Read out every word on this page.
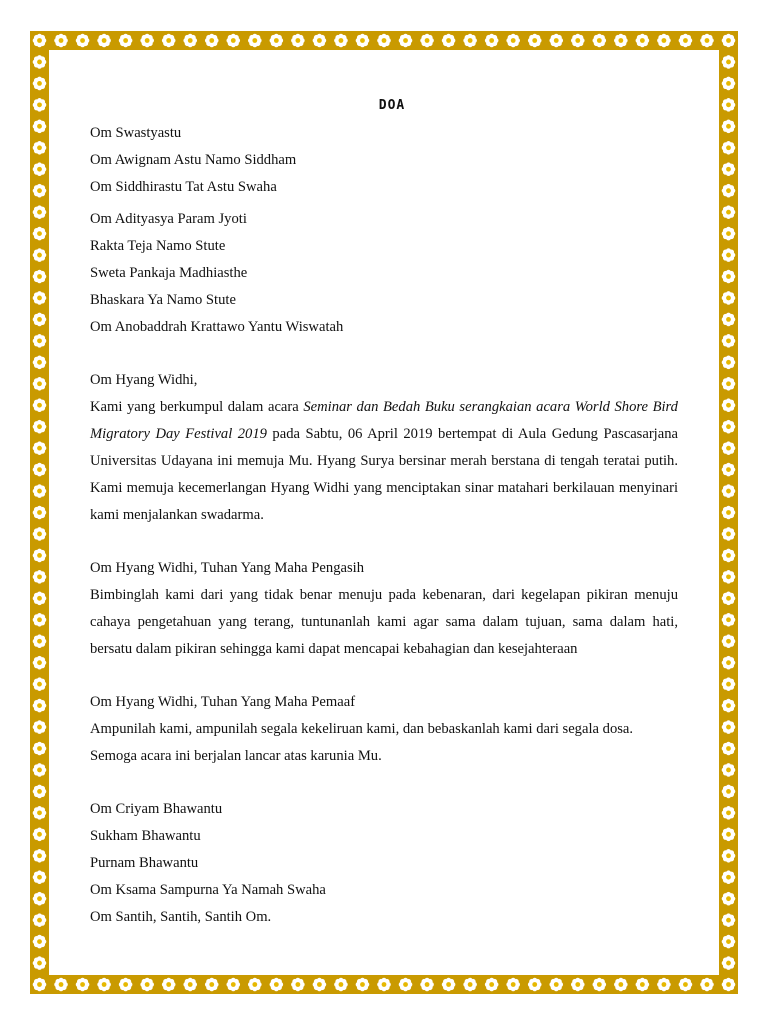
DOA
Om Swastyastu
Om Awignam Astu Namo Siddham
Om Siddhirastu Tat Astu Swaha
Om Adityasya Param Jyoti
Rakta Teja Namo Stute
Sweta Pankaja Madhiasthe
Bhaskara Ya Namo Stute
Om Anobaddrah Krattawo Yantu Wiswatah
Om Hyang Widhi,
Kami yang berkumpul dalam acara Seminar dan Bedah Buku serangkaian acara World Shore Bird Migratory Day Festival 2019 pada Sabtu, 06 April 2019 bertempat di Aula Gedung Pascasarjana Universitas Udayana ini memuja Mu. Hyang Surya bersinar merah berstana di tengah teratai putih. Kami memuja kecemerlangan Hyang Widhi yang menciptakan sinar matahari berkilauan menyinari kami menjalankan swadarma.
Om Hyang Widhi, Tuhan Yang Maha Pengasih
Bimbinglah kami dari yang tidak benar menuju pada kebenaran, dari kegelapan pikiran menuju cahaya pengetahuan yang terang, tuntunanlah kami agar sama dalam tujuan, sama dalam hati, bersatu dalam pikiran sehingga kami dapat mencapai kebahagian dan kesejahteraan
Om Hyang Widhi, Tuhan Yang Maha Pemaaf
Ampunilah kami, ampunilah segala kekeliruan kami, dan bebaskanlah kami dari segala dosa.
Semoga acara ini berjalan lancar atas karunia Mu.
Om Criyam Bhawantu
Sukham Bhawantu
Purnam Bhawantu
Om Ksama Sampurna Ya Namah Swaha
Om Santih, Santih, Santih Om.
